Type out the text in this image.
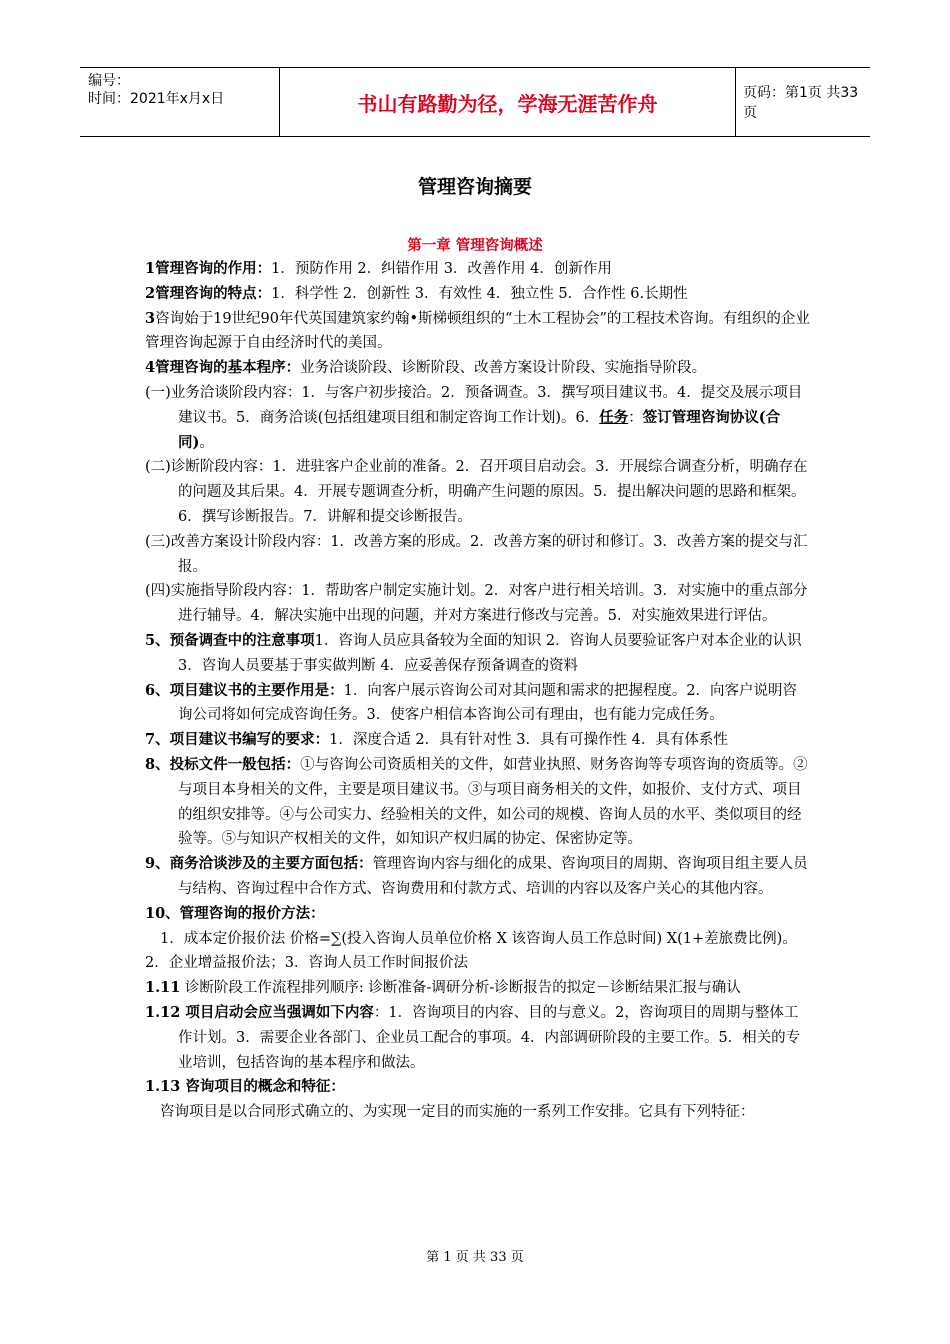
编号：
时间：2021年x月x日	书山有路勤为径，学海无涯苦作舟	页码：第1页 共33页
管理咨询摘要
第一章 管理咨询概述

1管理咨询的作用：1．预防作用 2．纠错作用 3．改善作用 4．创新作用

2管理咨询的特点：1．科学性 2．创新性 3．有效性 4．独立性 5．合作性 6.长期性

3咨询始于19世纪90年代英国建筑家约翰•斯梯顿组织的“土木工程协会”的工程技术咨询。有组织的企业管理咨询起源于自由经济时代的美国。

4管理咨询的基本程序：业务洽谈阶段、诊断阶段、改善方案设计阶段、实施指导阶段。

(一)业务洽谈阶段内容：1．与客户初步接洽。2．预备调查。3．撰写项目建议书。4．提交及展示项目建议书。5．商务洽谈(包括组建项目组和制定咨询工作计划)。6．任务：签订管理咨询协议(合同)。

(二)诊断阶段内容：1．进驻客户企业前的准备。2．召开项目启动会。3．开展综合调查分析，明确存在的问题及其后果。4．开展专题调查分析，明确产生问题的原因。5．提出解决问题的思路和框架。6．撰写诊断报告。7．讲解和提交诊断报告。

(三)改善方案设计阶段内容：1．改善方案的形成。2．改善方案的研讨和修订。3．改善方案的提交与汇报。

(四)实施指导阶段内容：1．帮助客户制定实施计划。2．对客户进行相关培训。3．对实施中的重点部分进行辅导。4．解决实施中出现的问题，并对方案进行修改与完善。5．对实施效果进行评估。

5、预备调查中的注意事项1．咨询人员应具备较为全面的知识 2．咨询人员要验证客户对本企业的认识 3．咨询人员要基于事实做判断 4．应妥善保存预备调查的资料

6、项目建议书的主要作用是：1．向客户展示咨询公司对其问题和需求的把握程度。2．向客户说明咨询公司将如何完成咨询任务。3．使客户相信本咨询公司有理由，也有能力完成任务。

7、项目建议书编写的要求：1．深度合适 2．具有针对性 3．具有可操作性 4．具有体系性

8、投标文件一般包括：①与咨询公司资质相关的文件，如营业执照、财务咨询等专项咨询的资质等。②与项目本身相关的文件，主要是项目建议书。③与项目商务相关的文件，如报价、支付方式、项目的组织安排等。④与公司实力、经验相关的文件，如公司的规模、咨询人员的水平、类似项目的经验等。⑤与知识产权相关的文件，如知识产权归属的协定、保密协定等。

9、商务洽谈涉及的主要方面包括：管理咨询内容与细化的成果、咨询项目的周期、咨询项目组主要人员与结构、咨询过程中合作方式、咨询费用和付款方式、培训的内容以及客户关心的其他内容。

10、管理咨询的报价方法：

1．成本定价报价法 价格=∑(投入咨询人员单位价格 X 该咨询人员工作总时间) X(1+差旅费比例)。2．企业增益报价法；3．咨询人员工作时间报价法

1.11 诊断阶段工作流程排列顺序: 诊断准备-调研分析-诊断报告的拟定－诊断结果汇报与确认

1.12 项目启动会应当强调如下内容：1．咨询项目的内容、目的与意义。2，咨询项目的周期与整体工作计划。3．需要企业各部门、企业员工配合的事项。4．内部调研阶段的主要工作。5．相关的专业培训，包括咨询的基本程序和做法。

1.13 咨询项目的概念和特征：

咨询项目是以合同形式确立的、为实现一定目的而实施的一系列工作安排。它具有下列特征：

第 1 页 共 33 页
